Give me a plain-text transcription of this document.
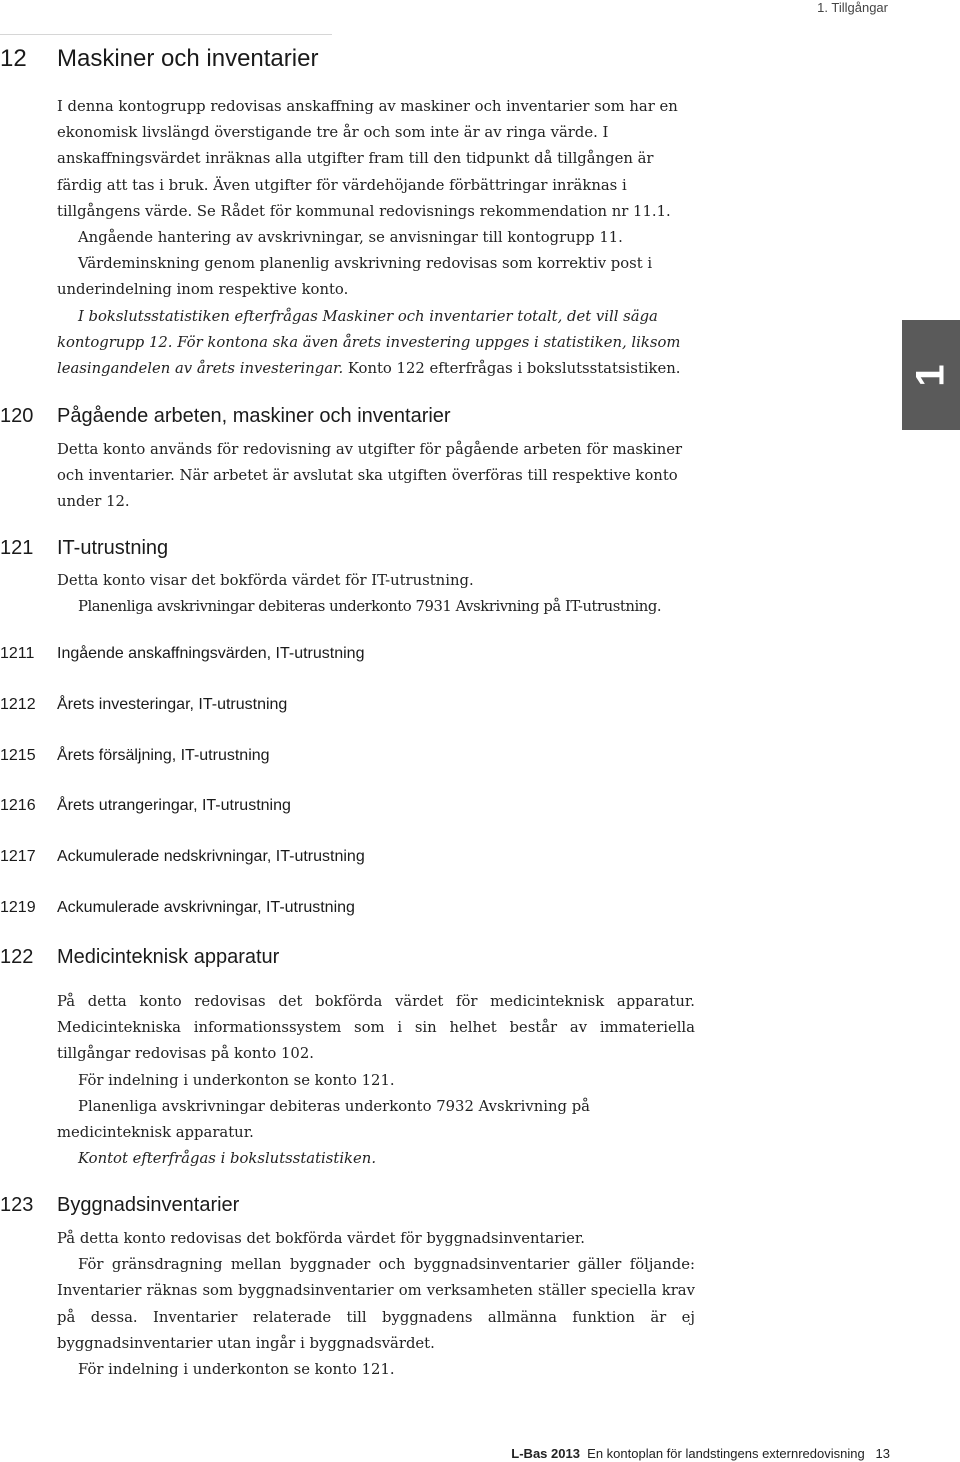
1. Tillgångar
1
12 Maskiner och inventarier

I denna kontogrupp redovisas anskaffning av maskiner och inventarier som har en ekonomisk livslängd överstigande tre år och som inte är av ringa värde. I anskaffningsvärdet inräknas alla utgifter fram till den tidpunkt då tillgången är färdig att tas i bruk. Även utgifter för värdehöjande förbättringar inräknas i tillgångens värde. Se Rådet för kommunal redovisnings rekommendation nr 11.1.

Angående hantering av avskrivningar, se anvisningar till kontogrupp 11.

Värdeminskning genom planenlig avskrivning redovisas som korrektiv post i underindelning inom respektive konto.

I bokslutsstatistiken efterfrågas Maskiner och inventarier totalt, det vill säga kontogrupp 12. För kontona ska även årets investering uppges i statistiken, liksom leasingandelen av årets investeringar. Konto 122 efterfrågas i bokslutsstatsistiken.

120 Pågående arbeten, maskiner och inventarier

Detta konto används för redovisning av utgifter för pågående arbeten för maskiner och inventarier. När arbetet är avslutat ska utgiften överföras till respektive konto under 12.

121 IT-utrustning

Detta konto visar det bokförda värdet för IT-utrustning.

Planenliga avskrivningar debiteras underkonto 7931 Avskrivning på IT-utrustning.

1211 Ingående anskaffningsvärden, IT-utrustning
1212 Årets investeringar, IT-utrustning
1215 Årets försäljning, IT-utrustning
1216 Årets utrangeringar, IT-utrustning
1217 Ackumulerade nedskrivningar, IT-utrustning
1219 Ackumulerade avskrivningar, IT-utrustning
122 Medicinteknisk apparatur

På detta konto redovisas det bokförda värdet för medicinteknisk apparatur. Medicintekniska informationssystem som i sin helhet består av immateriella tillgångar redovisas på konto 102.

För indelning i underkonton se konto 121.

Planenliga avskrivningar debiteras underkonto 7932 Avskrivning på medicinteknisk apparatur.

Kontot efterfrågas i bokslutsstatistiken.

123 Byggnadsinventarier

På detta konto redovisas det bokförda värdet för byggnadsinventarier.

För gränsdragning mellan byggnader och byggnadsinventarier gäller följande: Inventarier räknas som byggnadsinventarier om verksamheten ställer speciella krav på dessa. Inventarier relaterade till byggnadens allmänna funktion är ej byggnadsinventarier utan ingår i byggnadsvärdet.

För indelning i underkonton se konto 121.

L-Bas 2013 En kontoplan för landstingens externredovisning 13
